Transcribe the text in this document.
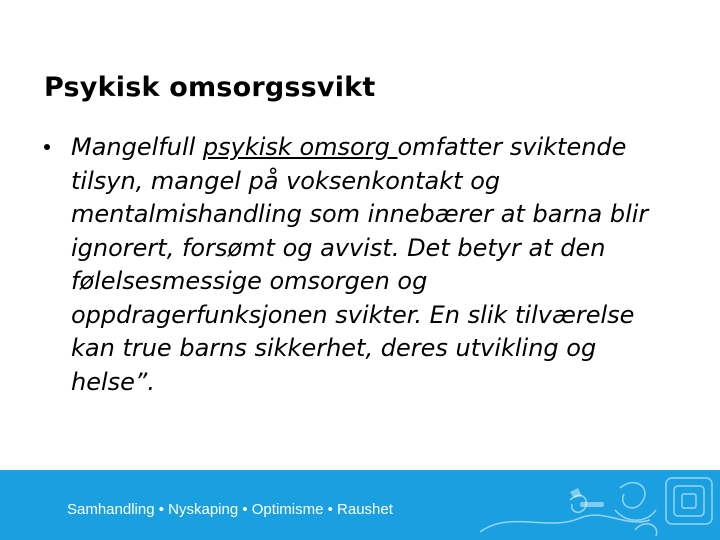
Psykisk omsorgssvikt
Mangelfull psykisk omsorg omfatter sviktende tilsyn, mangel på voksenkontakt og mentalmishandling som innebærer at barna blir ignorert, forsømt og avvist. Det betyr at den følelsesmessige omsorgen og oppdragerfunksjonen svikter. En slik tilværelse kan true barns sikkerhet, deres utvikling og helse”.
Samhandling • Nyskaping • Optimisme • Raushet
